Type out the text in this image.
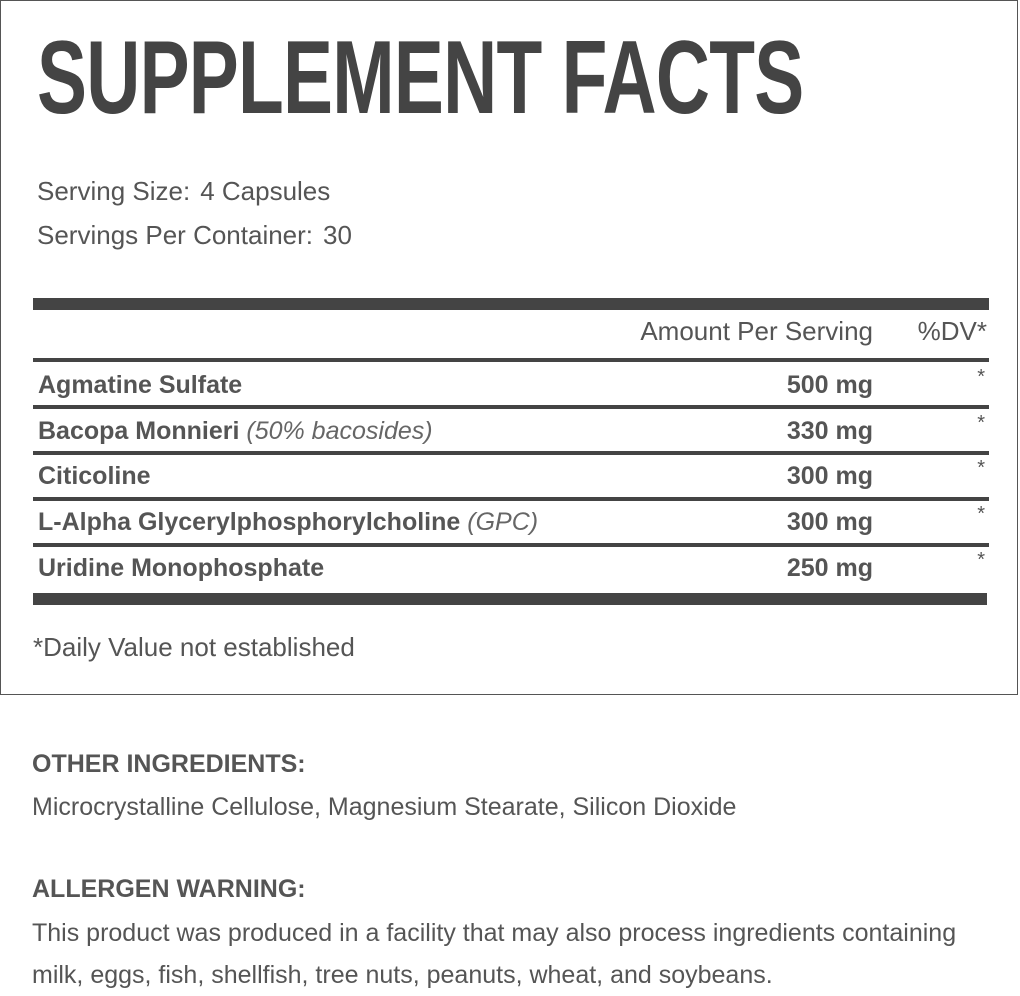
SUPPLEMENT FACTS
Serving Size: 4 Capsules
Servings Per Container: 30
Amount Per Serving %DV*
Agmatine Sulfate	500 mg	*
Bacopa Monnieri (50% bacosides)	330 mg	*
Citicoline	300 mg	*
L-Alpha Glycerylphosphorylcholine (GPC)	300 mg	*
Uridine Monophosphate	250 mg	*
*Daily Value not established
OTHER INGREDIENTS:

Microcrystalline Cellulose, Magnesium Stearate, Silicon Dioxide

ALLERGEN WARNING:

This product was produced in a facility that may also process ingredients containing milk, eggs, fish, shellfish, tree nuts, peanuts, wheat, and soybeans.
